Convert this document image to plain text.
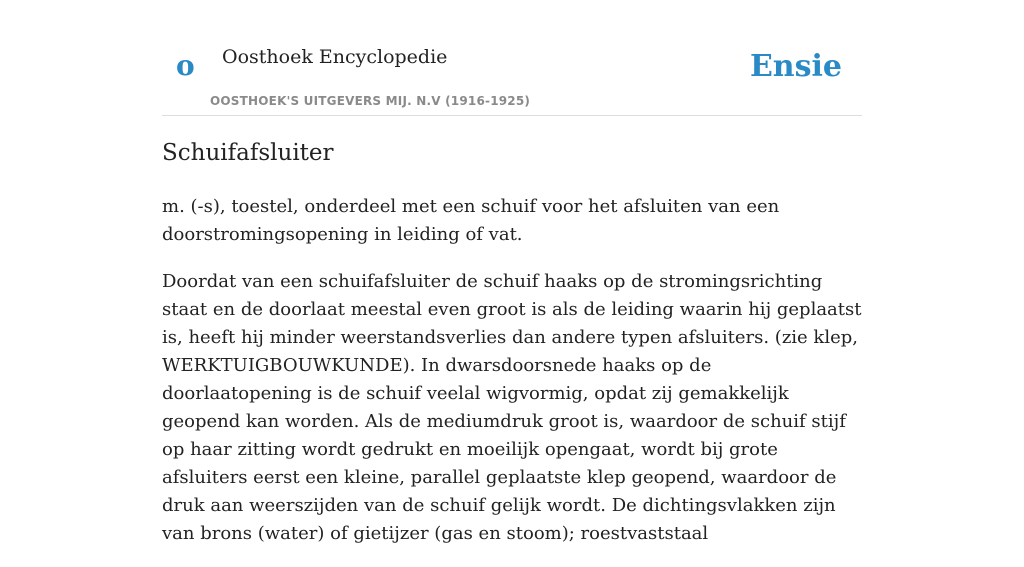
o Oosthoek Encyclopedie
OOSTHOEK'S UITGEVERS MIJ. N.V (1916-1925)
Ensie
Schuifafsluiter

m. (-s), toestel, onderdeel met een schuif voor het afsluiten van een doorstromingsopening in leiding of vat.

Doordat van een schuifafsluiter de schuif haaks op de stromingsrichting staat en de doorlaat meestal even groot is als de leiding waarin hij geplaatst is, heeft hij minder weerstandsverlies dan andere typen afsluiters. (zie klep, WERKTUIGBOUWKUNDE). In dwarsdoorsnede haaks op de doorlaatopening is de schuif veelal wigvormig, opdat zij gemakkelijk geopend kan worden. Als de mediumdruk groot is, waardoor de schuif stijf op haar zitting wordt gedrukt en moeilijk opengaat, wordt bij grote afsluiters eerst een kleine, parallel geplaatste klep geopend, waardoor de druk aan weerszijden van de schuif gelijk wordt. De dichtingsvlakken zijn van brons (water) of gietijzer (gas en stoom); roestvaststaal
